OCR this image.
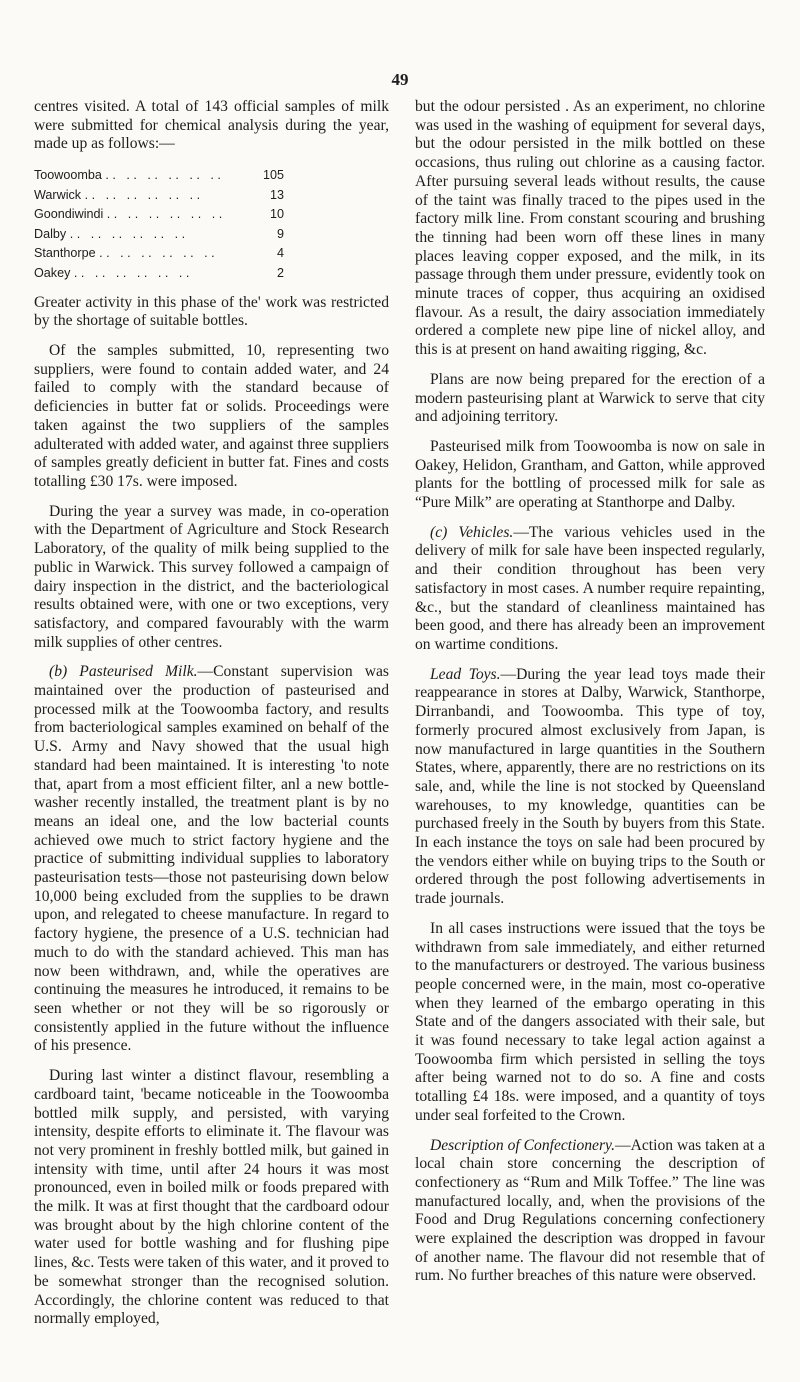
49

centres visited. A total of 143 official samples of milk were submitted for chemical analysis during the year, made up as follows:—

Toowoomba . .	105
Warwick . .	13
Goondiwindi . .	10
Dalby . .	9
Stanthorpe . .	4
Oakey . .	2

Greater activity in this phase of the' work was restricted by the shortage of suitable bottles.

Of the samples submitted, 10, representing two suppliers, were found to contain added water, and 24 failed to comply with the standard because of deficiencies in butter fat or solids. Proceedings were taken against the two suppliers of the samples adulterated with added water, and against three suppliers of samples greatly deficient in butter fat. Fines and costs totalling £30 17s. were imposed.

During the year a survey was made, in co-operation with the Department of Agriculture and Stock Research Laboratory, of the quality of milk being supplied to the public in Warwick. This survey followed a campaign of dairy inspection in the district, and the bacteriological results obtained were, with one or two exceptions, very satisfactory, and compared favourably with the warm milk supplies of other centres.

(b) Pasteurised Milk.—Constant supervision was maintained over the production of pasteurised and processed milk at the Toowoomba factory, and results from bacteriological samples examined on behalf of the U.S. Army and Navy showed that the usual high standard had been maintained. It is interesting 'to note that, apart from a most efficient filter, anl a new bottle-washer recently installed, the treatment plant is by no means an ideal one, and the low bacterial counts achieved owe much to strict factory hygiene and the practice of submitting individual supplies to laboratory pasteurisation tests—those not pasteurising down below 10,000 being excluded from the supplies to be drawn upon, and relegated to cheese manufacture. In regard to factory hygiene, the presence of a U.S. technician had much to do with the standard achieved. This man has now been withdrawn, and, while the operatives are continuing the measures he introduced, it remains to be seen whether or not they will be so rigorously or consistently applied in the future without the influence of his presence.

During last winter a distinct flavour, resembling a cardboard taint, 'became noticeable in the Toowoomba bottled milk supply, and persisted, with varying intensity, despite efforts to eliminate it. The flavour was not very prominent in freshly bottled milk, but gained in intensity with time, until after 24 hours it was most pronounced, even in boiled milk or foods prepared with the milk. It was at first thought that the cardboard odour was brought about by the high chlorine content of the water used for bottle washing and for flushing pipe lines, &c. Tests were taken of this water, and it proved to be somewhat stronger than the recognised solution. Accordingly, the chlorine content was reduced to that normally employed,

but the odour persisted . As an experiment, no chlorine was used in the washing of equipment for several days, but the odour persisted in the milk bottled on these occasions, thus ruling out chlorine as a causing factor. After pursuing several leads without results, the cause of the taint was finally traced to the pipes used in the factory milk line. From constant scouring and brushing the tinning had been worn off these lines in many places leaving copper exposed, and the milk, in its passage through them under pressure, evidently took on minute traces of copper, thus acquiring an oxidised flavour. As a result, the dairy association immediately ordered a complete new pipe line of nickel alloy, and this is at present on hand awaiting rigging, &c.

Plans are now being prepared for the erection of a modern pasteurising plant at Warwick to serve that city and adjoining territory.

Pasteurised milk from Toowoomba is now on sale in Oakey, Helidon, Grantham, and Gatton, while approved plants for the bottling of processed milk for sale as “Pure Milk” are operating at Stanthorpe and Dalby.

(c) Vehicles.—The various vehicles used in the delivery of milk for sale have been inspected regularly, and their condition throughout has been very satisfactory in most cases. A number require repainting, &c., but the standard of cleanliness maintained has been good, and there has already been an improvement on wartime conditions.

Lead Toys.—During the year lead toys made their reappearance in stores at Dalby, Warwick, Stanthorpe, Dirranbandi, and Toowoomba. This type of toy, formerly procured almost exclusively from Japan, is now manufactured in large quantities in the Southern States, where, apparently, there are no restrictions on its sale, and, while the line is not stocked by Queensland warehouses, to my knowledge, quantities can be purchased freely in the South by buyers from this State. In each instance the toys on sale had been procured by the vendors either while on buying trips to the South or ordered through the post following advertisements in trade journals.

In all cases instructions were issued that the toys be withdrawn from sale immediately, and either returned to the manufacturers or destroyed. The various business people concerned were, in the main, most co-operative when they learned of the embargo operating in this State and of the dangers associated with their sale, but it was found necessary to take legal action against a Toowoomba firm which persisted in selling the toys after being warned not to do so. A fine and costs totalling £4 18s. were imposed, and a quantity of toys under seal forfeited to the Crown.

Description of Confectionery.—Action was taken at a local chain store concerning the description of confectionery as “Rum and Milk Toffee.” The line was manufactured locally, and, when the provisions of the Food and Drug Regulations concerning confectionery were explained the description was dropped in favour of another name. The flavour did not resemble that of rum. No further breaches of this nature were observed.
